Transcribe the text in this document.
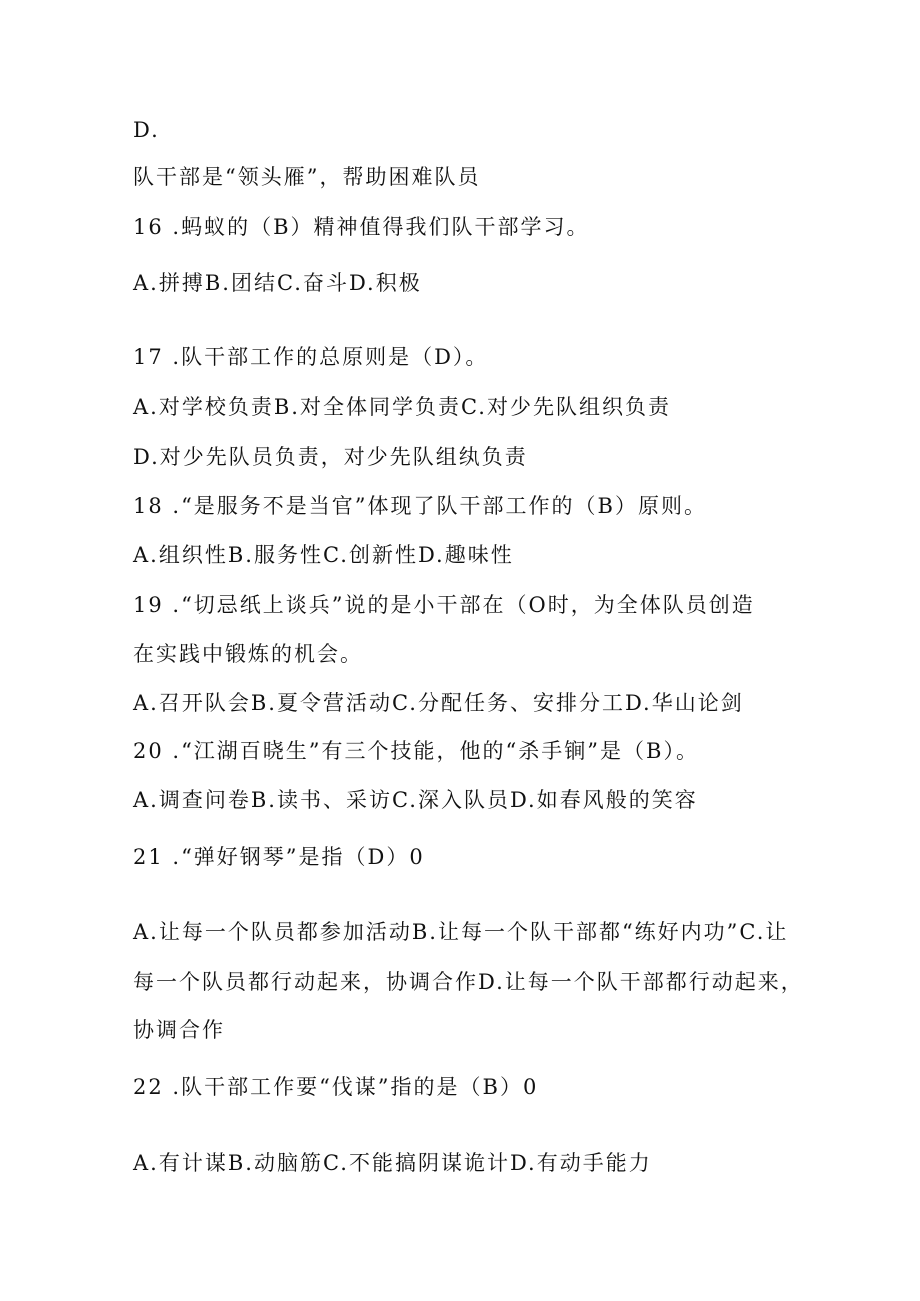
D.
队干部是“领头雁”，帮助困难队员
16 .蚂蚁的（B）精神值得我们队干部学习。
A.拼搏B.团结C.奋斗D.积极
17 .队干部工作的总原则是（D）。
A.对学校负责B.对全体同学负责C.对少先队组织负责
D.对少先队员负责，对少先队组纨负责
18 .“是服务不是当官”体现了队干部工作的（B）原则。
A.组织性B.服务性C.创新性D.趣味性
19 .“切忌纸上谈兵”说的是小干部在（O时，为全体队员创造
在实践中锻炼的机会。
A.召开队会B.夏令营活动C.分配任务、安排分工D.华山论剑
20 .“江湖百晓生”有三个技能，他的“杀手锏”是（B）。
A.调查问卷B.读书、采访C.深入队员D.如春风般的笑容
21 .“弹好钢琴”是指（D）0
A.让每一个队员都参加活动B.让每一个队干部都“练好内功”C.让
每一个队员都行动起来，协调合作D.让每一个队干部都行动起来，
协调合作
22 .队干部工作要“伐谋”指的是（B）0
A.有计谋B.动脑筋C.不能搞阴谋诡计D.有动手能力
